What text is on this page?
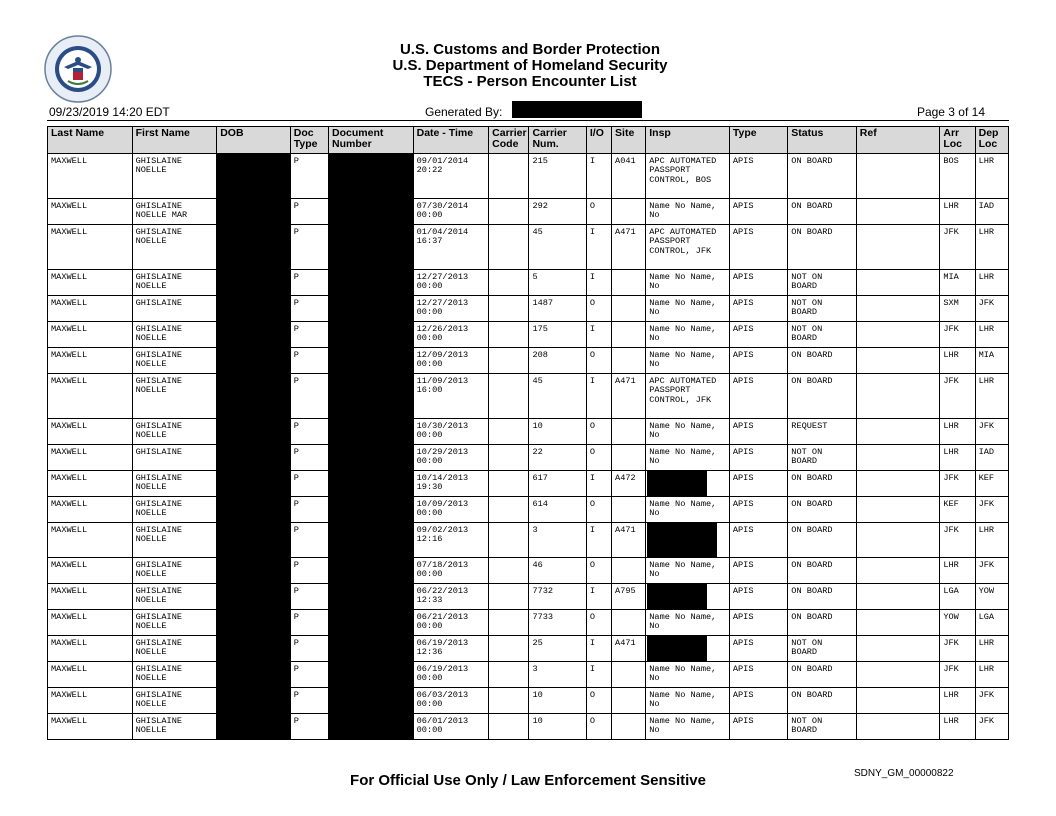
U.S. Customs and Border Protection
U.S. Department of Homeland Security
TECS - Person Encounter List
09/23/2019 14:20 EDT	Generated By:	Page 3 of 14
Last Name	First Name	DOB	Doc Type	Document Number	Date - Time	Carrier Code	Carrier Num.	I/O	Site	Insp	Type	Status	Ref	Arr Loc	Dep Loc
MAXWELL	GHISLAINE NOELLE		P		09/01/2014 20:22		215	I	A041	APC AUTOMATED PASSPORT CONTROL, BOS	APIS	ON BOARD		BOS	LHR
MAXWELL	GHISLAINE NOELLE MAR		P		07/30/2014 00:00		292	O		Name No Name, No	APIS	ON BOARD		LHR	IAD
MAXWELL	GHISLAINE NOELLE		P		01/04/2014 16:37		45	I	A471	APC AUTOMATED PASSPORT CONTROL, JFK	APIS	ON BOARD		JFK	LHR
MAXWELL	GHISLAINE NOELLE		P		12/27/2013 00:00		5	I		Name No Name, No	APIS	NOT ON BOARD		MIA	LHR
MAXWELL	GHISLAINE		P		12/27/2013 00:00		1487	O		Name No Name, No	APIS	NOT ON BOARD		SXM	JFK
MAXWELL	GHISLAINE NOELLE		P		12/26/2013 00:00		175	I		Name No Name, No	APIS	NOT ON BOARD		JFK	LHR
MAXWELL	GHISLAINE NOELLE		P		12/09/2013 00:00		208	O		Name No Name, No	APIS	ON BOARD		LHR	MIA
MAXWELL	GHISLAINE NOELLE		P		11/09/2013 16:00		45	I	A471	APC AUTOMATED PASSPORT CONTROL, JFK	APIS	ON BOARD		JFK	LHR
MAXWELL	GHISLAINE NOELLE		P		10/30/2013 00:00		10	O		Name No Name, No	APIS	REQUEST		LHR	JFK
MAXWELL	GHISLAINE		P		10/29/2013 00:00		22	O		Name No Name, No	APIS	NOT ON BOARD		LHR	IAD
MAXWELL	GHISLAINE NOELLE		P		10/14/2013 19:30		617	I	A472		APIS	ON BOARD		JFK	KEF
MAXWELL	GHISLAINE NOELLE		P		10/09/2013 00:00		614	O		Name No Name, No	APIS	ON BOARD		KEF	JFK
MAXWELL	GHISLAINE NOELLE		P		09/02/2013 12:16		3	I	A471		APIS	ON BOARD		JFK	LHR
MAXWELL	GHISLAINE NOELLE		P		07/18/2013 00:00		46	O		Name No Name, No	APIS	ON BOARD		LHR	JFK
MAXWELL	GHISLAINE NOELLE		P		06/22/2013 12:33		7732	I	A795		APIS	ON BOARD		LGA	YOW
MAXWELL	GHISLAINE NOELLE		P		06/21/2013 00:00		7733	O		Name No Name, No	APIS	ON BOARD		YOW	LGA
MAXWELL	GHISLAINE NOELLE		P		06/19/2013 12:36		25	I	A471		APIS	NOT ON BOARD		JFK	LHR
MAXWELL	GHISLAINE NOELLE		P		06/19/2013 00:00		3	I		Name No Name, No	APIS	ON BOARD		JFK	LHR
MAXWELL	GHISLAINE NOELLE		P		06/03/2013 00:00		10	O		Name No Name, No	APIS	ON BOARD		LHR	JFK
MAXWELL	GHISLAINE NOELLE		P		06/01/2013 00:00		10	O		Name No Name, No	APIS	NOT ON BOARD		LHR	JFK
For Official Use Only / Law Enforcement Sensitive	SDNY_GM_00000822
